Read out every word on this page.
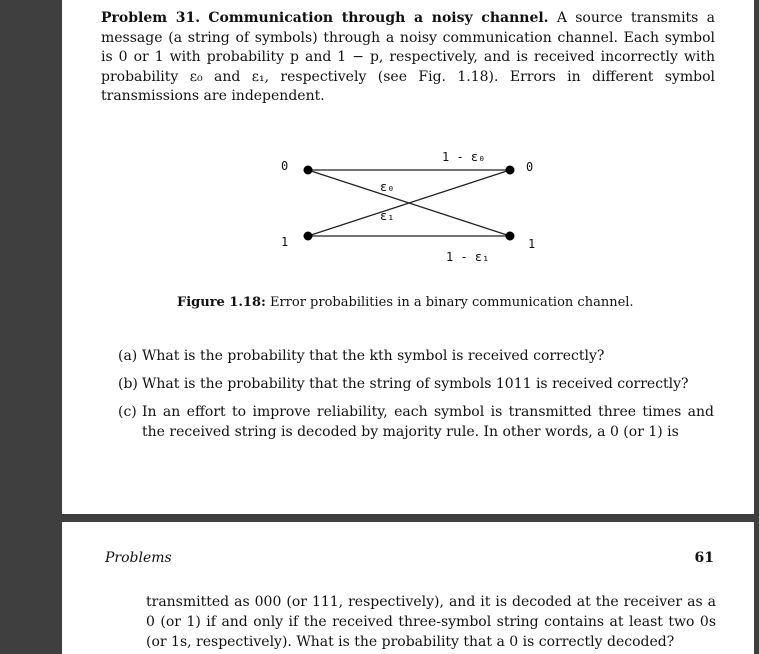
Problem 31. Communication through a noisy channel. A source transmits a message (a string of symbols) through a noisy communication channel. Each symbol is 0 or 1 with probability p and 1 − p, respectively, and is received incorrectly with probability ε₀ and ε₁, respectively (see Fig. 1.18). Errors in different symbol transmissions are independent.
0
1
0
1
1 - ε₀
1 - ε₁
ε₀
ε₁
Figure 1.18: Error probabilities in a binary communication channel.
(a) What is the probability that the kth symbol is received correctly?
(b) What is the probability that the string of symbols 1011 is received correctly?
(c) In an effort to improve reliability, each symbol is transmitted three times and the received string is decoded by majority rule. In other words, a 0 (or 1) is
Problems	61
transmitted as 000 (or 111, respectively), and it is decoded at the receiver as a 0 (or 1) if and only if the received three-symbol string contains at least two 0s (or 1s, respectively). What is the probability that a 0 is correctly decoded?
